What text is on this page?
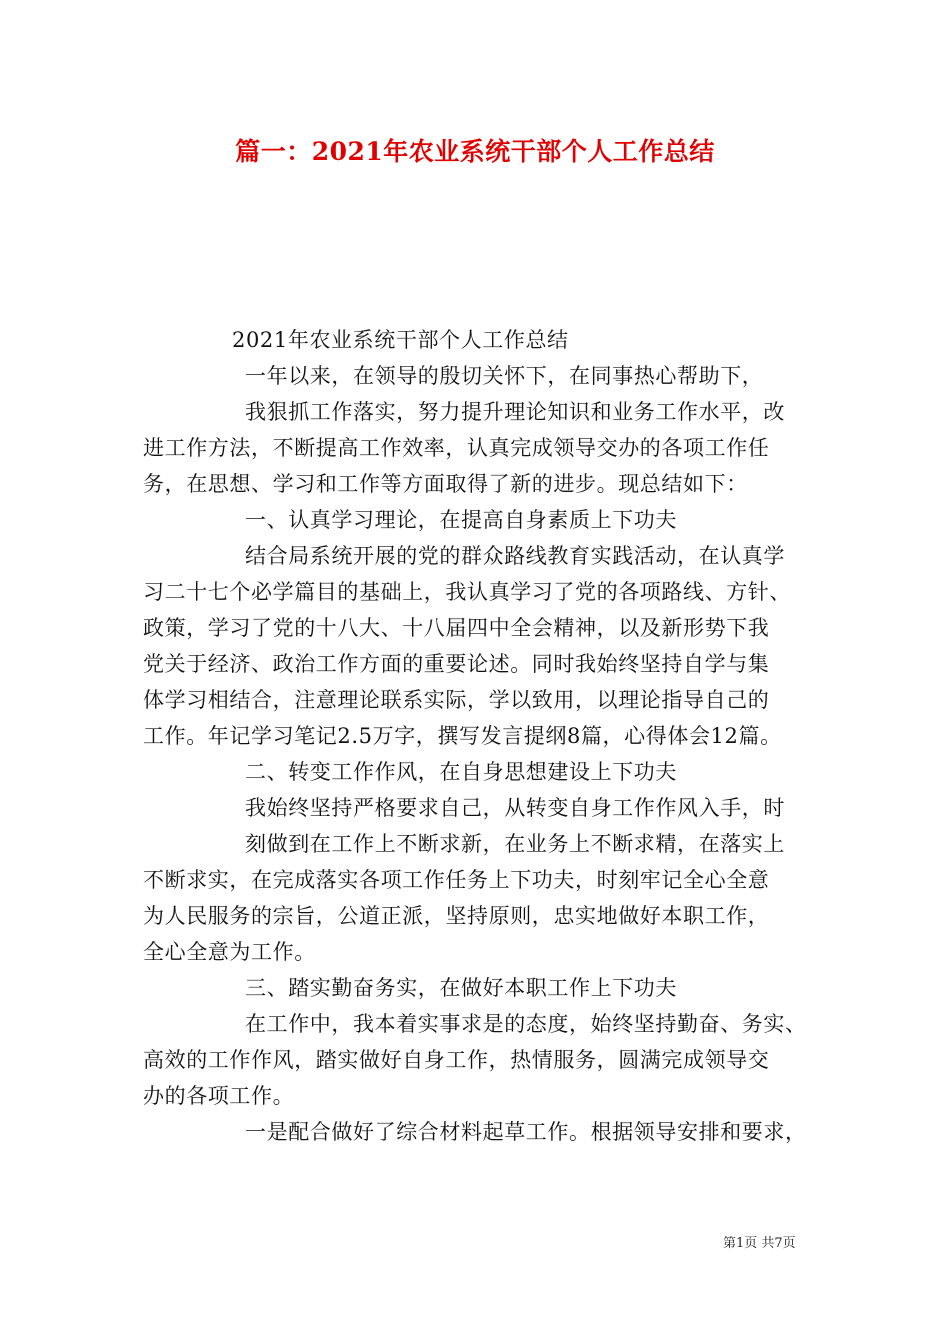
篇一：2021年农业系统干部个人工作总结
2021年农业系统干部个人工作总结
一年以来，在领导的殷切关怀下，在同事热心帮助下，
我狠抓工作落实，努力提升理论知识和业务工作水平，改
进工作方法，不断提高工作效率，认真完成领导交办的各项工作任
务，在思想、学习和工作等方面取得了新的进步。现总结如下：
一、认真学习理论，在提高自身素质上下功夫
结合局系统开展的党的群众路线教育实践活动，在认真学
习二十七个必学篇目的基础上，我认真学习了党的各项路线、方针、
政策，学习了党的十八大、十八届四中全会精神，以及新形势下我
党关于经济、政治工作方面的重要论述。同时我始终坚持自学与集
体学习相结合，注意理论联系实际，学以致用，以理论指导自己的
工作。年记学习笔记2.5万字，撰写发言提纲8篇，心得体会12篇。
二、转变工作作风，在自身思想建设上下功夫
我始终坚持严格要求自己，从转变自身工作作风入手，时
刻做到在工作上不断求新，在业务上不断求精，在落实上
不断求实，在完成落实各项工作任务上下功夫，时刻牢记全心全意
为人民服务的宗旨，公道正派，坚持原则，忠实地做好本职工作，
全心全意为工作。
三、踏实勤奋务实，在做好本职工作上下功夫
在工作中，我本着实事求是的态度，始终坚持勤奋、务实、
高效的工作作风，踏实做好自身工作，热情服务，圆满完成领导交
办的各项工作。
一是配合做好了综合材料起草工作。根据领导安排和要求，
第1页 共7页
